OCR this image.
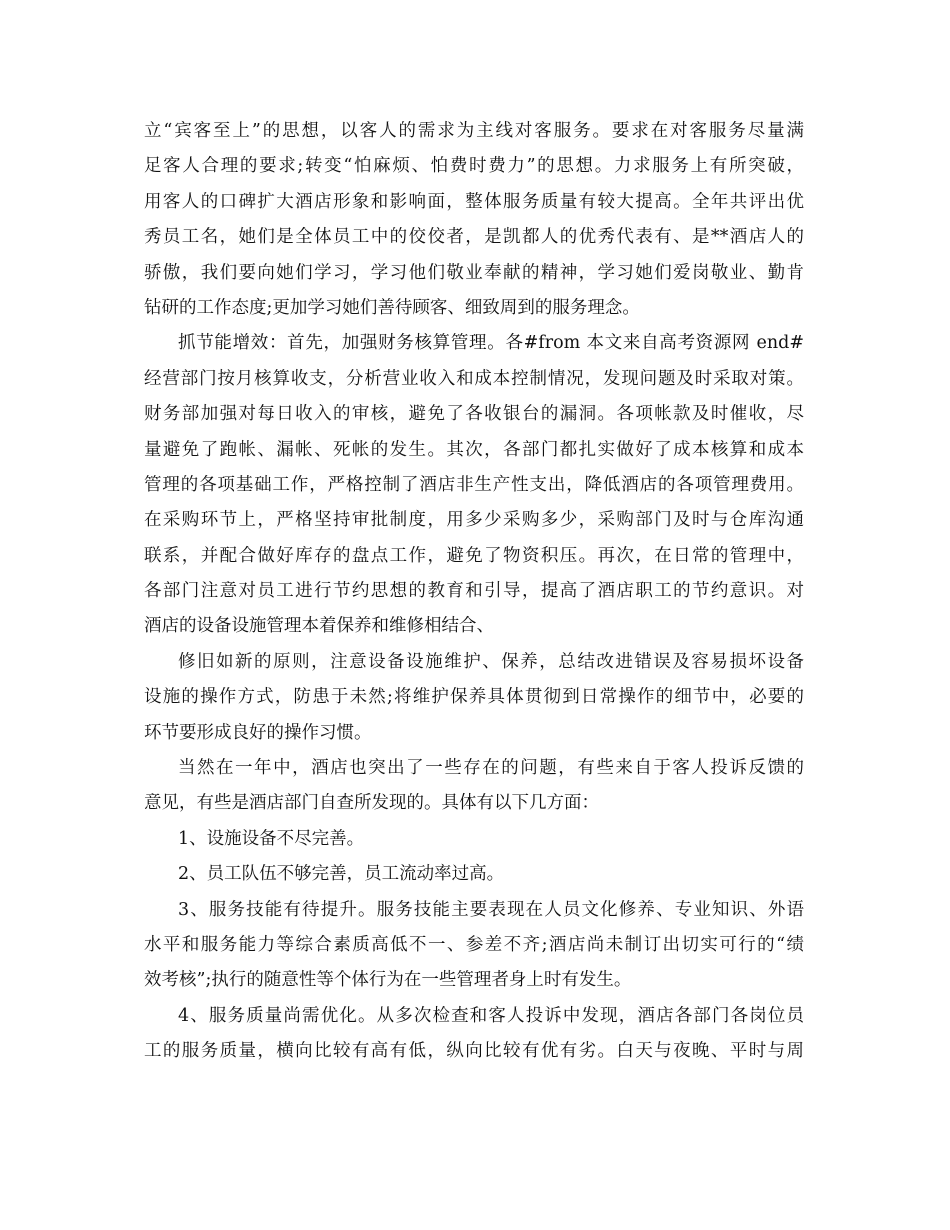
立“宾客至上”的思想，以客人的需求为主线对客服务。要求在对客服务尽量满
足客人合理的要求;转变“怕麻烦、怕费时费力”的思想。力求服务上有所突破，
用客人的口碑扩大酒店形象和影响面，整体服务质量有较大提高。全年共评出优
秀员工名，她们是全体员工中的佼佼者，是凯都人的优秀代表有、是**酒店人的
骄傲，我们要向她们学习，学习他们敬业奉献的精神，学习她们爱岗敬业、勤肯
钻研的工作态度;更加学习她们善待顾客、细致周到的服务理念。
抓节能增效：首先，加强财务核算管理。各#from 本文来自高考资源网 end#
经营部门按月核算收支，分析营业收入和成本控制情况，发现问题及时采取对策。
财务部加强对每日收入的审核，避免了各收银台的漏洞。各项帐款及时催收，尽
量避免了跑帐、漏帐、死帐的发生。其次，各部门都扎实做好了成本核算和成本
管理的各项基础工作，严格控制了酒店非生产性支出，降低酒店的各项管理费用。
在采购环节上，严格坚持审批制度，用多少采购多少，采购部门及时与仓库沟通
联系，并配合做好库存的盘点工作，避免了物资积压。再次，在日常的管理中，
各部门注意对员工进行节约思想的教育和引导，提高了酒店职工的节约意识。对
酒店的设备设施管理本着保养和维修相结合、
修旧如新的原则，注意设备设施维护、保养，总结改进错误及容易损坏设备
设施的操作方式，防患于未然;将维护保养具体贯彻到日常操作的细节中，必要的
环节要形成良好的操作习惯。
当然在一年中，酒店也突出了一些存在的问题，有些来自于客人投诉反馈的
意见，有些是酒店部门自查所发现的。具体有以下几方面：
1、设施设备不尽完善。
2、员工队伍不够完善，员工流动率过高。
3、服务技能有待提升。服务技能主要表现在人员文化修养、专业知识、外语
水平和服务能力等综合素质高低不一、参差不齐;酒店尚未制订出切实可行的“绩
效考核”;执行的随意性等个体行为在一些管理者身上时有发生。
4、服务质量尚需优化。从多次检查和客人投诉中发现，酒店各部门各岗位员
工的服务质量，横向比较有高有低，纵向比较有优有劣。白天与夜晚、平时与周
